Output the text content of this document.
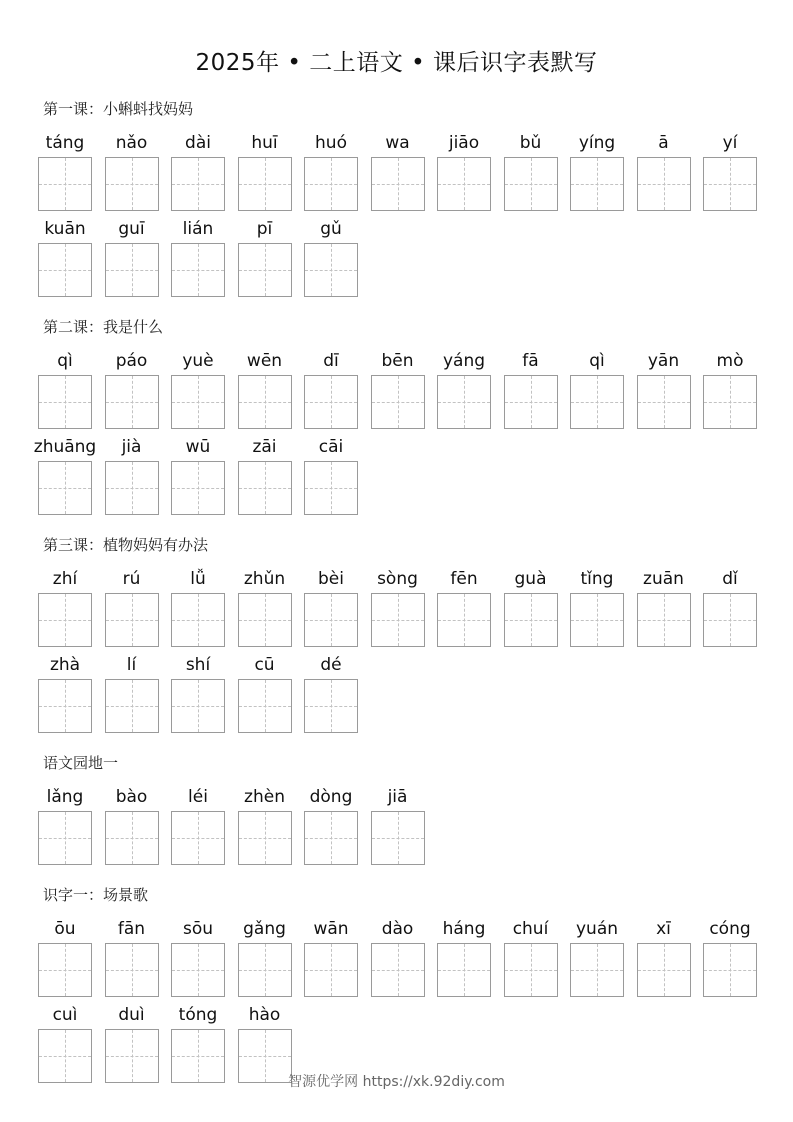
2025年 • 二上语文 • 课后识字表默写
第一课：小蝌蚪找妈妈
táng	nǎo	dài	huī	huó	wa	jiāo	bǔ	yíng	ā	yí
kuān	guī	lián	pī	gǔ
第二课：我是什么
qì	páo	yuè	wēn	dī	bēn	yáng	fā	qì	yān	mò
zhuāng	jià	wū	zāi	cāi
第三课：植物妈妈有办法
zhí	rú	lǚ	zhǔn	bèi	sòng	fēn	guà	tǐng	zuān	dǐ
zhà	lí	shí	cū	dé
语文园地一
lǎng	bào	léi	zhèn	dòng	jiā
识字一：场景歌
ōu	fān	sōu	gǎng	wān	dào	háng	chuí	yuán	xī	cóng
cuì	duì	tóng	hào
智源优学网 https://xk.92diy.com
